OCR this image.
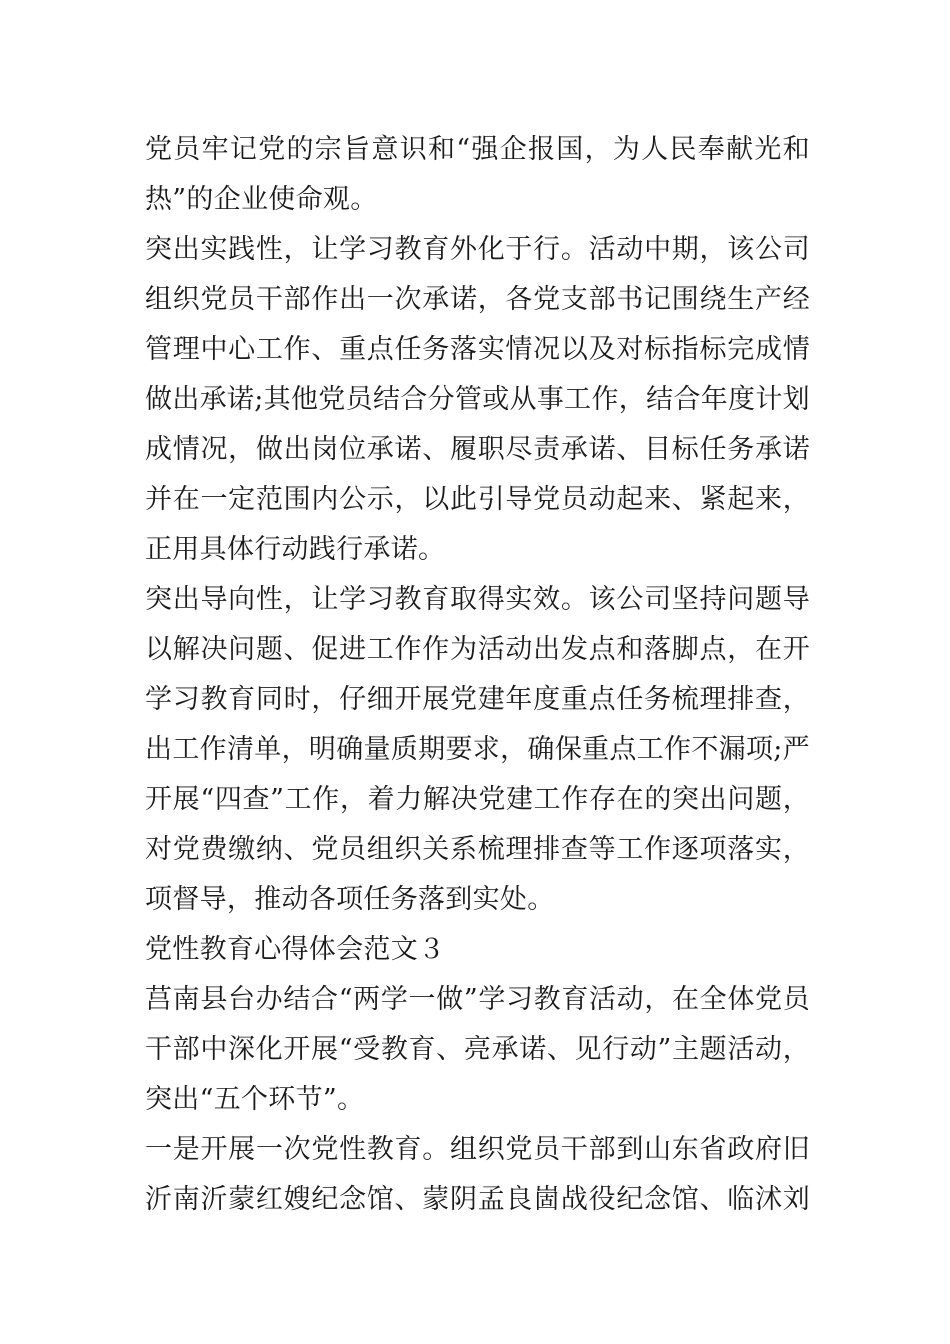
党员牢记党的宗旨意识和“强企报国，为人民奉献光和
热”的企业使命观。
突出实践性，让学习教育外化于行。活动中期，该公司
组织党员干部作出一次承诺，各党支部书记围绕生产经
管理中心工作、重点任务落实情况以及对标指标完成情
做出承诺;其他党员结合分管或从事工作，结合年度计划
成情况，做出岗位承诺、履职尽责承诺、目标任务承诺
并在一定范围内公示，以此引导党员动起来、紧起来，
正用具体行动践行承诺。
突出导向性，让学习教育取得实效。该公司坚持问题导
以解决问题、促进工作作为活动出发点和落脚点，在开
学习教育同时，仔细开展党建年度重点任务梳理排查，
出工作清单，明确量质期要求，确保重点工作不漏项;严
开展“四查”工作，着力解决党建工作存在的突出问题，
对党费缴纳、党员组织关系梳理排查等工作逐项落实，
项督导，推动各项任务落到实处。
党性教育心得体会范文３
莒南县台办结合“两学一做”学习教育活动，在全体党员
干部中深化开展“受教育、亮承诺、见行动”主题活动，
突出“五个环节”。
一是开展一次党性教育。组织党员干部到山东省政府旧
沂南沂蒙红嫂纪念馆、蒙阴孟良崮战役纪念馆、临沭刘
